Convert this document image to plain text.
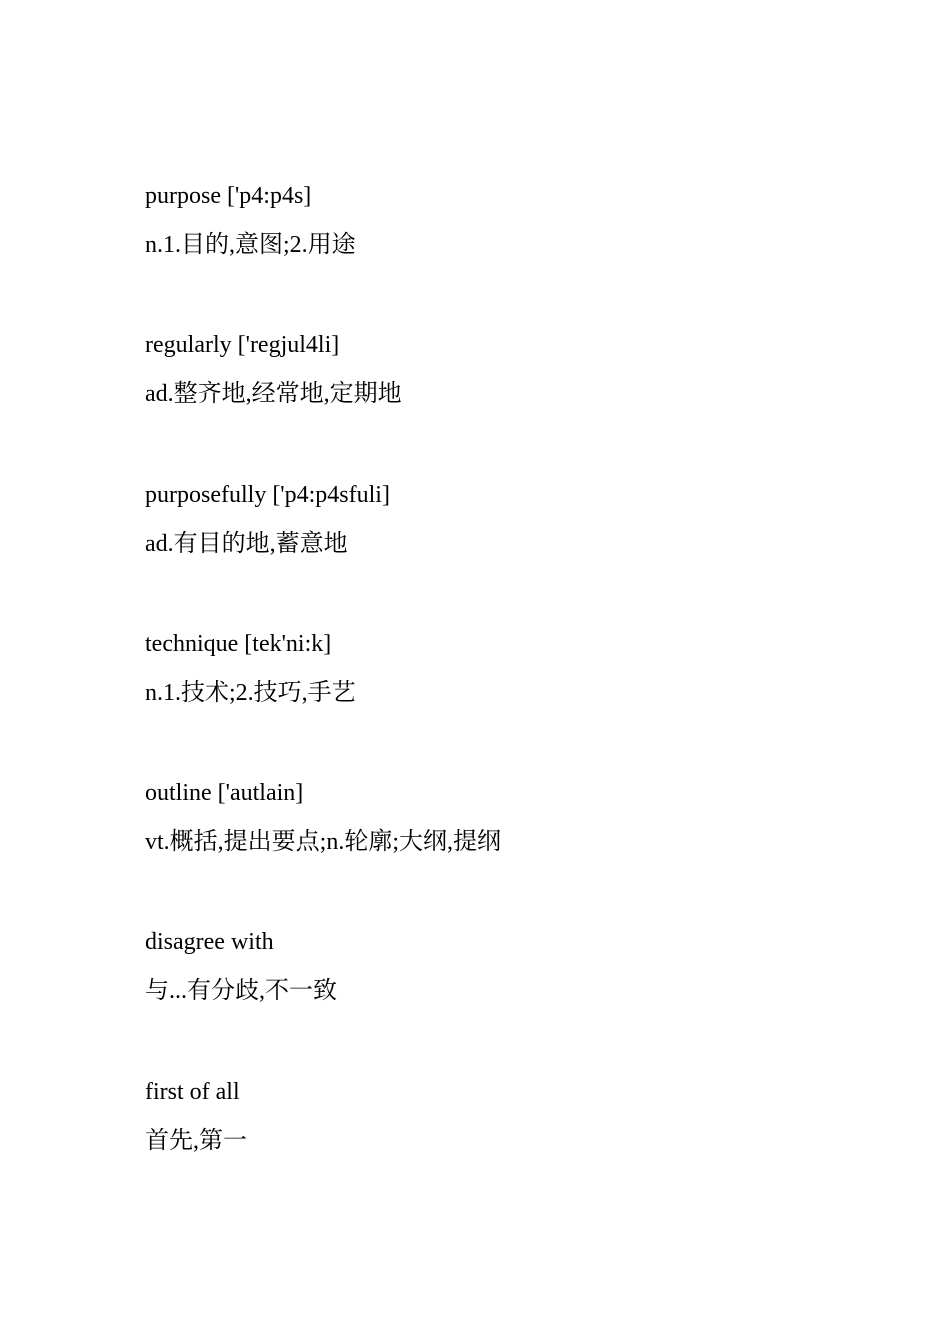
purpose ['p4:p4s]
n.1.目的,意图;2.用途
regularly ['regjul4li]
ad.整齐地,经常地,定期地
purposefully ['p4:p4sfuli]
ad.有目的地,蓄意地
technique [tek'ni:k]
n.1.技术;2.技巧,手艺
outline ['autlain]
vt.概括,提出要点;n.轮廓;大纲,提纲
disagree with
与...有分歧,不一致
first of all
首先,第一
